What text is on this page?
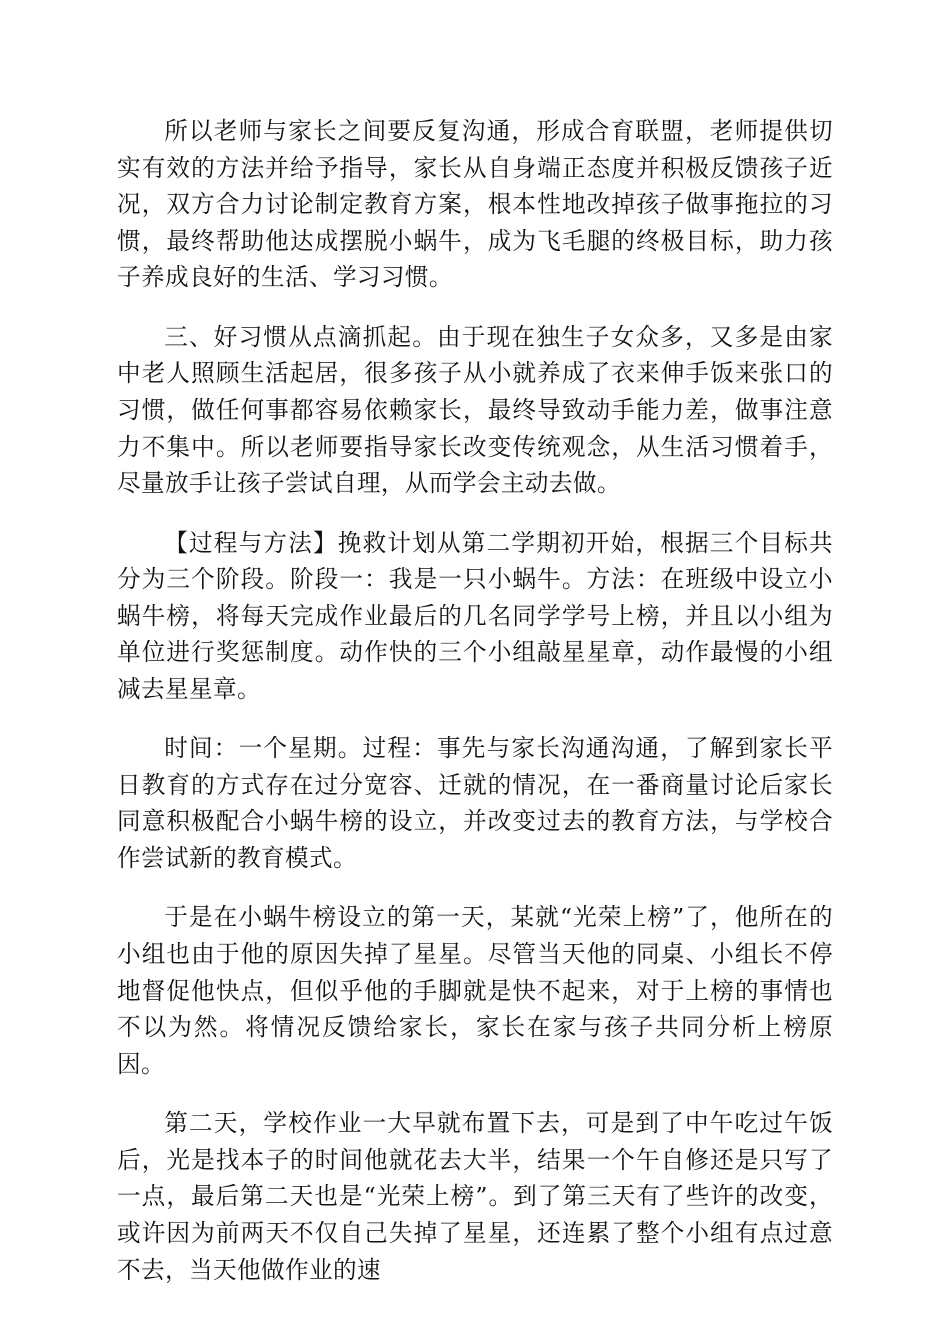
所以老师与家长之间要反复沟通，形成合育联盟，老师提供切实有效的方法并给予指导，家长从自身端正态度并积极反馈孩子近况，双方合力讨论制定教育方案，根本性地改掉孩子做事拖拉的习惯，最终帮助他达成摆脱小蜗牛，成为飞毛腿的终极目标，助力孩子养成良好的生活、学习习惯。

三、好习惯从点滴抓起。由于现在独生子女众多，又多是由家中老人照顾生活起居，很多孩子从小就养成了衣来伸手饭来张口的习惯，做任何事都容易依赖家长，最终导致动手能力差，做事注意力不集中。所以老师要指导家长改变传统观念，从生活习惯着手，尽量放手让孩子尝试自理，从而学会主动去做。

【过程与方法】挽救计划从第二学期初开始，根据三个目标共分为三个阶段。阶段一：我是一只小蜗牛。方法：在班级中设立小蜗牛榜，将每天完成作业最后的几名同学学号上榜，并且以小组为单位进行奖惩制度。动作快的三个小组敲星星章，动作最慢的小组减去星星章。

时间：一个星期。过程：事先与家长沟通沟通，了解到家长平日教育的方式存在过分宽容、迁就的情况，在一番商量讨论后家长同意积极配合小蜗牛榜的设立，并改变过去的教育方法，与学校合作尝试新的教育模式。

于是在小蜗牛榜设立的第一天，某就“光荣上榜”了，他所在的小组也由于他的原因失掉了星星。尽管当天他的同桌、小组长不停地督促他快点，但似乎他的手脚就是快不起来，对于上榜的事情也不以为然。将情况反馈给家长，家长在家与孩子共同分析上榜原因。

第二天，学校作业一大早就布置下去，可是到了中午吃过午饭后，光是找本子的时间他就花去大半，结果一个午自修还是只写了一点，最后第二天也是“光荣上榜”。到了第三天有了些许的改变，或许因为前两天不仅自己失掉了星星，还连累了整个小组有点过意不去，当天他做作业的速
